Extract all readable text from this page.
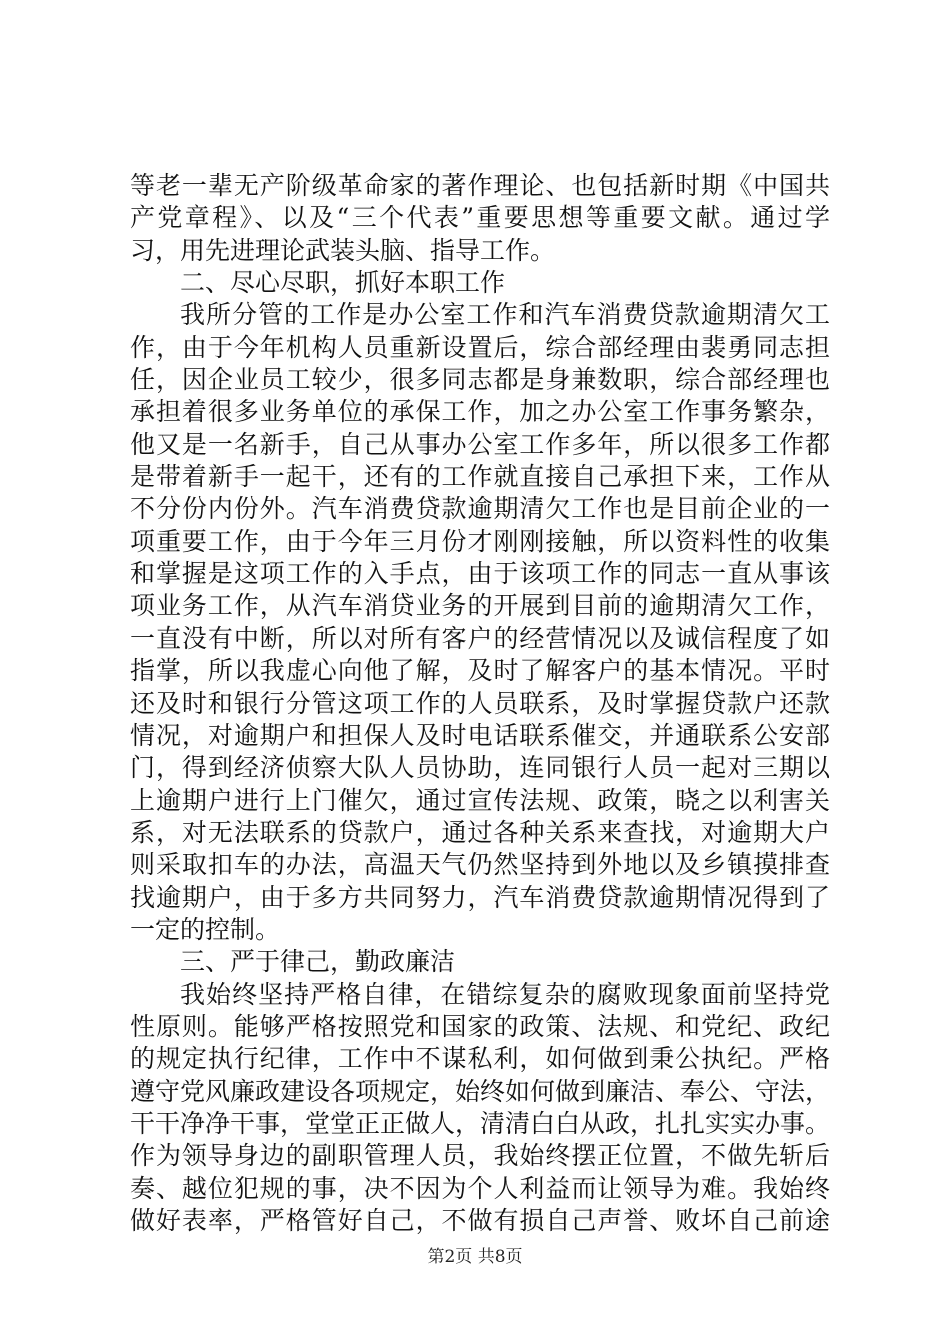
等老一辈无产阶级革命家的著作理论、也包括新时期《中国共
产党章程》、以及“三个代表”重要思想等重要文献。通过学
习，用先进理论武装头脑、指导工作。
二、尽心尽职，抓好本职工作
我所分管的工作是办公室工作和汽车消费贷款逾期清欠工
作，由于今年机构人员重新设置后，综合部经理由裴勇同志担
任，因企业员工较少，很多同志都是身兼数职，综合部经理也
承担着很多业务单位的承保工作，加之办公室工作事务繁杂，
他又是一名新手，自己从事办公室工作多年，所以很多工作都
是带着新手一起干，还有的工作就直接自己承担下来，工作从
不分份内份外。汽车消费贷款逾期清欠工作也是目前企业的一
项重要工作，由于今年三月份才刚刚接触，所以资料性的收集
和掌握是这项工作的入手点，由于该项工作的同志一直从事该
项业务工作，从汽车消贷业务的开展到目前的逾期清欠工作，
一直没有中断，所以对所有客户的经营情况以及诚信程度了如
指掌，所以我虚心向他了解，及时了解客户的基本情况。平时
还及时和银行分管这项工作的人员联系，及时掌握贷款户还款
情况，对逾期户和担保人及时电话联系催交，并通联系公安部
门，得到经济侦察大队人员协助，连同银行人员一起对三期以
上逾期户进行上门催欠，通过宣传法规、政策，晓之以利害关
系，对无法联系的贷款户，通过各种关系来查找，对逾期大户
则采取扣车的办法，高温天气仍然坚持到外地以及乡镇摸排查
找逾期户，由于多方共同努力，汽车消费贷款逾期情况得到了
一定的控制。
三、严于律己，勤政廉洁
我始终坚持严格自律，在错综复杂的腐败现象面前坚持党
性原则。能够严格按照党和国家的政策、法规、和党纪、政纪
的规定执行纪律，工作中不谋私利，如何做到秉公执纪。严格
遵守党风廉政建设各项规定，始终如何做到廉洁、奉公、守法，
干干净净干事，堂堂正正做人，清清白白从政，扎扎实实办事。
作为领导身边的副职管理人员，我始终摆正位置，不做先斩后
奏、越位犯规的事，决不因为个人利益而让领导为难。我始终
做好表率，严格管好自己，不做有损自己声誉、败坏自己前途
第2页 共8页
